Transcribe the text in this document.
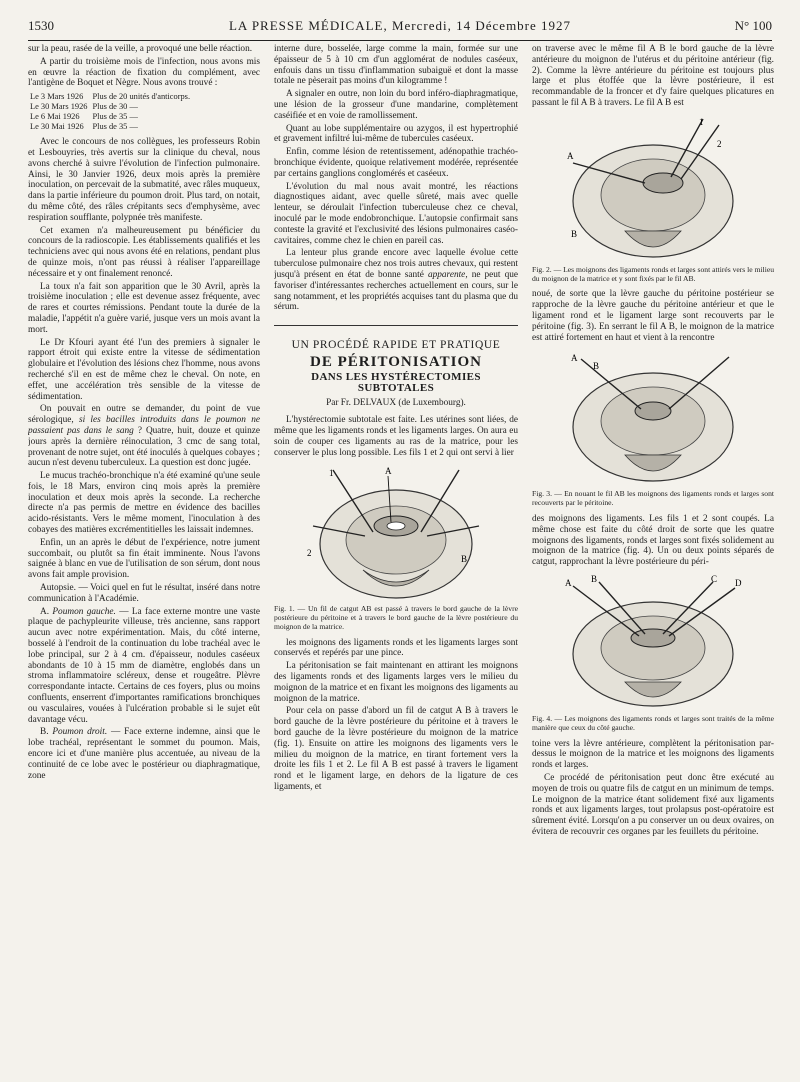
1530	LA PRESSE MÉDICALE, Mercredi, 14 Décembre 1927	N° 100

sur la peau, rasée de la veille, a provoqué une belle réaction.

A partir du troisième mois de l'infection, nous avons mis en œuvre la réaction de fixation du complément, avec l'antigène de Boquet et Nègre. Nous avons trouvé :

Le 3 Mars 1926	Plus de 20 unités d'anticorps.
Le 30 Mars 1926	Plus de 30 —
Le 6 Mai 1926	Plus de 35 —
Le 30 Mai 1926	Plus de 35 —

Avec le concours de nos collègues, les professeurs Robin et Lesbouyries, très avertis sur la clinique du cheval, nous avons cherché à suivre l'évolution de l'infection pulmonaire. Ainsi, le 30 Janvier 1926, deux mois après la première inoculation, on percevait de la submatité, avec râles muqueux, dans la partie inférieure du poumon droit. Plus tard, on notait, du même côté, des râles crépitants secs d'emphysème, avec respiration soufflante, polypnée très manifeste.

Cet examen n'a malheureusement pu bénéficier du concours de la radioscopie. Les établissements qualifiés et les techniciens avec qui nous avons été en relations, pendant plus de quinze mois, n'ont pas réussi à réaliser l'appareillage nécessaire et y ont finalement renoncé.

La toux n'a fait son apparition que le 30 Avril, après la troisième inoculation ; elle est devenue assez fréquente, avec de rares et courtes rémissions. Pendant toute la durée de la maladie, l'appétit n'a guère varié, jusque vers un mois avant la mort.

Le Dr Kfouri ayant été l'un des premiers à signaler le rapport étroit qui existe entre la vitesse de sédimentation globulaire et l'évolution des lésions chez l'homme, nous avons recherché s'il en est de même chez le cheval. On note, en effet, une accélération très sensible de la vitesse de sédimentation.

On pouvait en outre se demander, du point de vue sérologique, si les bacilles introduits dans le poumon ne passaient pas dans le sang ? Quatre, huit, douze et quinze jours après la dernière réinoculation, 3 cmc de sang total, provenant de notre sujet, ont été inoculés à quelques cobayes ; aucun n'est devenu tuberculeux. La question est donc jugée.

Le mucus trachéo-bronchique n'a été examiné qu'une seule fois, le 18 Mars, environ cinq mois après la première inoculation et deux mois après la seconde. La recherche directe n'a pas permis de mettre en évidence des bacilles acido-résistants. Vers le même moment, l'inoculation à des cobayes des matières excrémentitielles les laissait indemnes.

Enfin, un an après le début de l'expérience, notre jument succombait, ou plutôt sa fin était imminente. Nous l'avons saignée à blanc en vue de l'utilisation de son sérum, dont nous avons fait ample provision.

Autopsie. — Voici quel en fut le résultat, inséré dans notre communication à l'Académie.

A. Poumon gauche. — La face externe montre une vaste plaque de pachypleurite villeuse, très ancienne, sans rapport aucun avec notre expérimentation. Mais, du côté interne, bosselé à l'endroit de la continuation du lobe trachéal avec le lobe principal, sur 2 à 4 cm. d'épaisseur, nodules caséeux abondants de 10 à 15 mm de diamètre, englobés dans un stroma inflammatoire scléreux, dense et rougeâtre. Plèvre correspondante intacte. Certains de ces foyers, plus ou moins confluents, enserrent d'importantes ramifications bronchiques ou vasculaires, vouées à l'ulcération probable si le sujet eût davantage vécu.

B. Poumon droit. — Face externe indemne, ainsi que le lobe trachéal, représentant le sommet du poumon. Mais, encore ici et d'une manière plus accentuée, au niveau de la continuité de ce lobe avec le postérieur ou diaphragmatique, zone

interne dure, bosselée, large comme la main, formée sur une épaisseur de 5 à 10 cm d'un agglomérat de nodules caséeux, enfouis dans un tissu d'inflammation subaiguë et dont la masse totale ne pèserait pas moins d'un kilogramme !

A signaler en outre, non loin du bord inféro-diaphragmatique, une lésion de la grosseur d'une mandarine, complètement caséifiée et en voie de ramollissement.

Quant au lobe supplémentaire ou azygos, il est hypertrophié et gravement infiltré lui-même de tubercules caséeux.

Enfin, comme lésion de retentissement, adénopathie trachéo-bronchique évidente, quoique relativement modérée, représentée par certains ganglions conglomérés et caséeux.

L'évolution du mal nous avait montré, les réactions diagnostiques aidant, avec quelle sûreté, mais avec quelle lenteur, se déroulait l'infection tuberculeuse chez ce cheval, inoculé par le mode endobronchique. L'autopsie confirmait sans conteste la gravité et l'exclusivité des lésions pulmonaires caséo-cavitaires, comme chez le chien en pareil cas.

La lenteur plus grande encore avec laquelle évolue cette tuberculose pulmonaire chez nos trois autres chevaux, qui restent jusqu'à présent en état de bonne santé apparente, ne peut que favoriser d'intéressantes recherches actuellement en cours, sur le sang notamment, et les propriétés acquises tant du plasma que du sérum.

UN PROCÉDÉ RAPIDE ET PRATIQUE
DE PÉRITONISATION
DANS LES HYSTÉRECTOMIES SUBTOTALES
Par Fr. DELVAUX (de Luxembourg).

L'hystérectomie subtotale est faite. Les utérines sont liées, de même que les ligaments ronds et les ligaments larges. On aura eu soin de couper ces ligaments au ras de la matrice, pour les conserver le plus long possible. Les fils 1 et 2 qui ont servi à lier

1	A
2
B
Fig. 1. — Un fil de catgut AB est passé à travers le bord gauche de la lèvre postérieure du péritoine et à travers le bord gauche de la lèvre postérieure du moignon de la matrice.

les moignons des ligaments ronds et les ligaments larges sont conservés et repérés par une pince.

La péritonisation se fait maintenant en attirant les moignons des ligaments ronds et des ligaments larges vers le milieu du moignon de la matrice et en fixant les moignons des ligaments au moignon de la matrice.

Pour cela on passe d'abord un fil de catgut A B à travers le bord gauche de la lèvre postérieure du péritoine et à travers le bord gauche de la lèvre postérieure du moignon de la matrice (fig. 1). Ensuite on attire les moignons des ligaments vers le milieu du moignon de la matrice, en tirant fortement vers la droite les fils 1 et 2. Le fil A B est passé à travers le ligament rond et le ligament large, en dehors de la ligature de ces ligaments, et

on traverse avec le même fil A B le bord gauche de la lèvre antérieure du moignon de l'utérus et du péritoine antérieur (fig. 2). Comme la lèvre antérieure du péritoine est toujours plus large et plus étoffée que la lèvre postérieure, il est recommandable de la froncer et d'y faire quelques plicatures en passant le fil A B à travers. Le fil A B est

A
1
2
B
Fig. 2. — Les moignons des ligaments ronds et larges sont attirés vers le milieu du moignon de la matrice et y sont fixés par le fil AB.

noué, de sorte que la lèvre gauche du péritoine postérieur se rapproche de la lèvre gauche du péritoine antérieur et que le ligament rond et le ligament large sont recouverts par le péritoine (fig. 3). En serrant le fil A B, le moignon de la matrice est attiré fortement en haut et vient à la rencontre

A
B
Fig. 3. — En nouant le fil AB les moignons des ligaments ronds et larges sont recouverts par le péritoine.

des moignons des ligaments. Les fils 1 et 2 sont coupés. La même chose est faite du côté droit de sorte que les quatre moignons des ligaments, ronds et larges sont fixés solidement au moignon de la matrice (fig. 4). Un ou deux points séparés de catgut, rapprochant la lèvre postérieure du péri-

A B	C D
Fig. 4. — Les moignons des ligaments ronds et larges sont traités de la même manière que ceux du côté gauche.

toine vers la lèvre antérieure, complètent la péritonisation par-dessus le moignon de la matrice et les moignons des ligaments ronds et larges.

Ce procédé de péritonisation peut donc être exécuté au moyen de trois ou quatre fils de catgut en un minimum de temps. Le moignon de la matrice étant solidement fixé aux ligaments ronds et aux ligaments larges, tout prolapsus post-opératoire est sûrement évité. Lorsqu'on a pu conserver un ou deux ovaires, on évitera de recouvrir ces organes par les feuillets du péritoine.
